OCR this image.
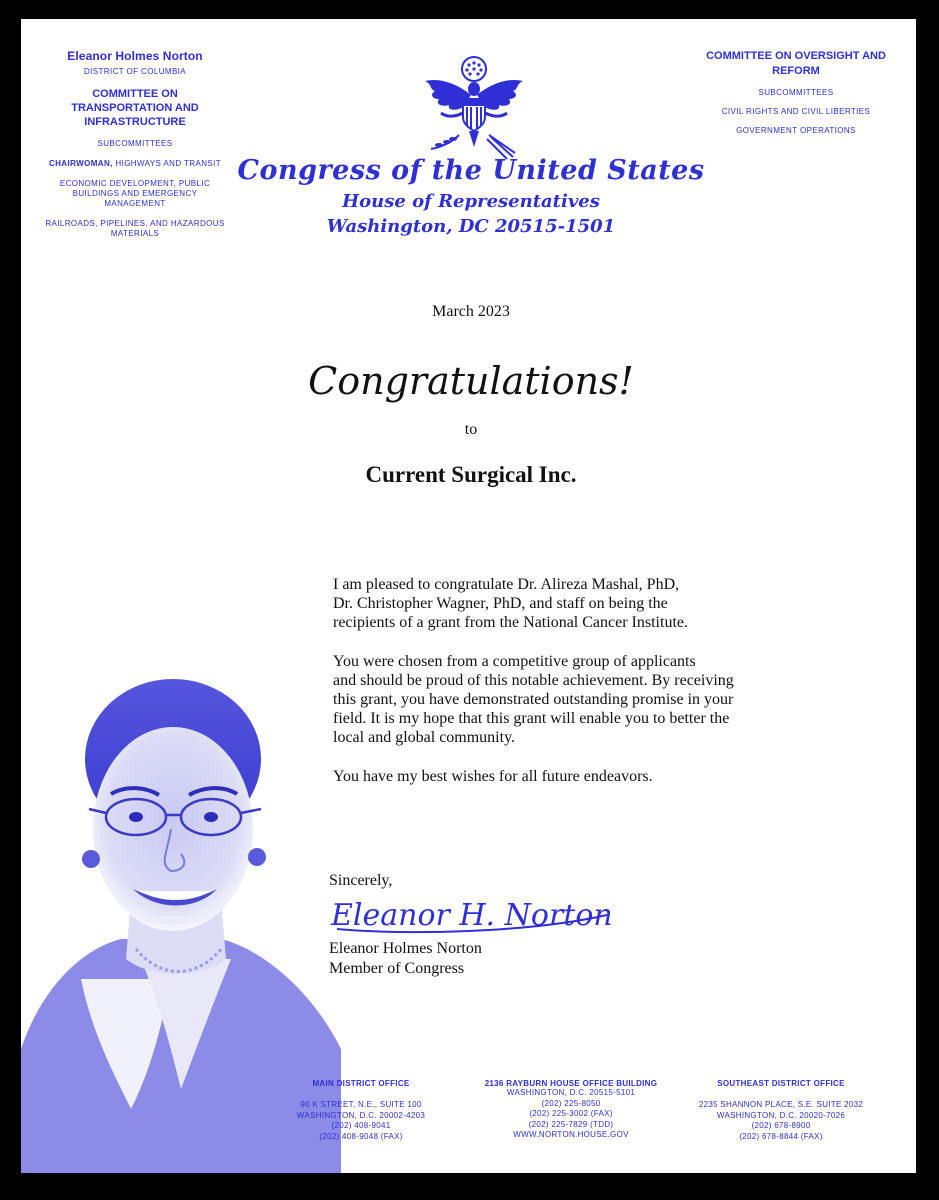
Eleanor Holmes Norton
DISTRICT OF COLUMBIA
COMMITTEE ON
TRANSPORTATION AND
INFRASTRUCTURE
SUBCOMMITTEES
CHAIRWOMAN, HIGHWAYS AND TRANSIT
ECONOMIC DEVELOPMENT, PUBLIC
BUILDINGS AND EMERGENCY
MANAGEMENT
RAILROADS, PIPELINES, AND HAZARDOUS
MATERIALS
Congress of the United States
House of Representatives
Washington, DC 20515-1501
COMMITTEE ON OVERSIGHT AND
REFORM
SUBCOMMITTEES
CIVIL RIGHTS AND CIVIL LIBERTIES
GOVERNMENT OPERATIONS
March 2023
Congratulations!
to
Current Surgical Inc.

I am pleased to congratulate Dr. Alireza Mashal, PhD,
Dr. Christopher Wagner, PhD, and staff on being the
recipients of a grant from the National Cancer Institute.

You were chosen from a competitive group of applicants
and should be proud of this notable achievement. By receiving
this grant, you have demonstrated outstanding promise in your
field. It is my hope that this grant will enable you to better the
local and global community.

You have my best wishes for all future endeavors.

Sincerely,
Eleanor Holmes Norton
Member of Congress
Eleanor H. Norton
MAIN DISTRICT OFFICE
90 K STREET, N.E., SUITE 100
WASHINGTON, D.C. 20002-4203
(202) 408-9041
(202) 408-9048 (FAX)
2136 RAYBURN HOUSE OFFICE BUILDING
WASHINGTON, D.C. 20515-5101
(202) 225-8050
(202) 225-3002 (FAX)
(202) 225-7829 (TDD)
WWW.NORTON.HOUSE.GOV
SOUTHEAST DISTRICT OFFICE
2235 SHANNON PLACE, S.E. SUITE 2032
WASHINGTON, D.C. 20020-7026
(202) 678-8900
(202) 678-8844 (FAX)
